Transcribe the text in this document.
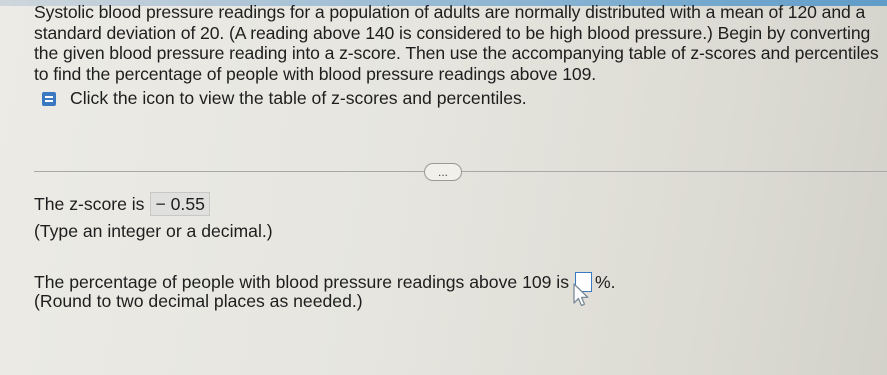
Systolic blood pressure readings for a population of adults are normally distributed with a mean of 120 and a standard deviation of 20. (A reading above 140 is considered to be high blood pressure.) Begin by converting the given blood pressure reading into a z-score. Then use the accompanying table of z-scores and percentiles to find the percentage of people with blood pressure readings above 109.

Click the icon to view the table of z-scores and percentiles.
...
The z-score is − 0.55
(Type an integer or a decimal.)
The percentage of people with blood pressure readings above 109 is %.
(Round to two decimal places as needed.)
